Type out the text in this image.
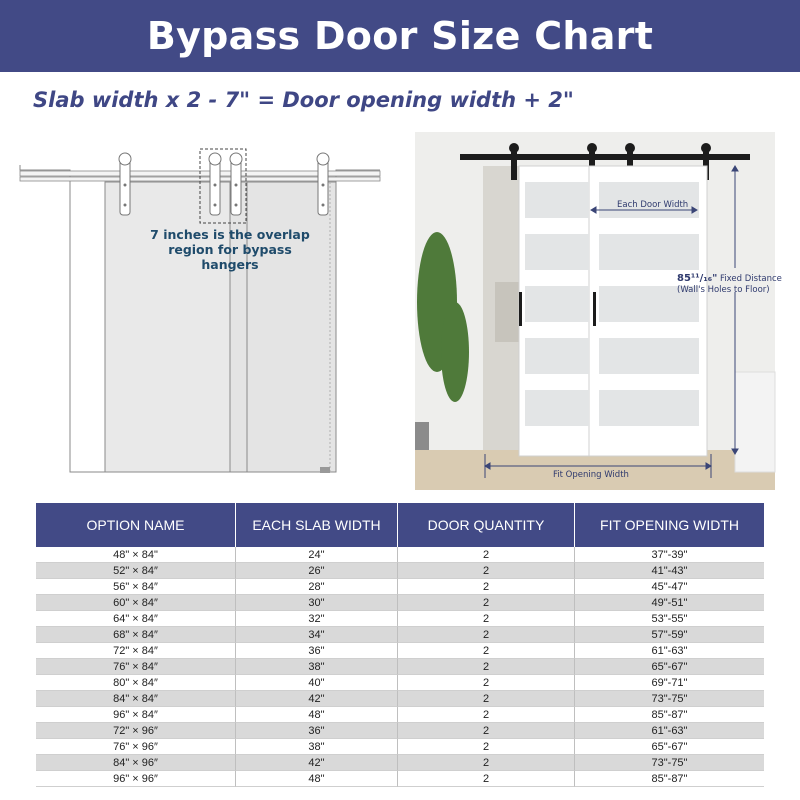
Bypass Door Size Chart
Slab width x 2 - 7" = Door opening width + 2"
7 inches is the overlap region for bypass hangers
Each Door Width
85¹¹/₁₆" Fixed Distance
(Wall's Holes to Floor)
Fit Opening Width
OPTION NAME	EACH SLAB WIDTH	DOOR QUANTITY	FIT OPENING WIDTH
48" × 84"	24"	2	37"-39"
52" × 84″	26"	2	41"-43"
56" × 84″	28"	2	45"-47"
60" × 84″	30"	2	49"-51"
64" × 84″	32"	2	53"-55"
68" × 84″	34"	2	57"-59"
72" × 84″	36"	2	61"-63"
76" × 84″	38"	2	65"-67"
80" × 84″	40"	2	69"-71"
84" × 84″	42"	2	73"-75"
96" × 84″	48"	2	85"-87"
72" × 96″	36"	2	61"-63"
76" × 96″	38"	2	65"-67"
84" × 96″	42"	2	73"-75"
96" × 96″	48"	2	85"-87"
